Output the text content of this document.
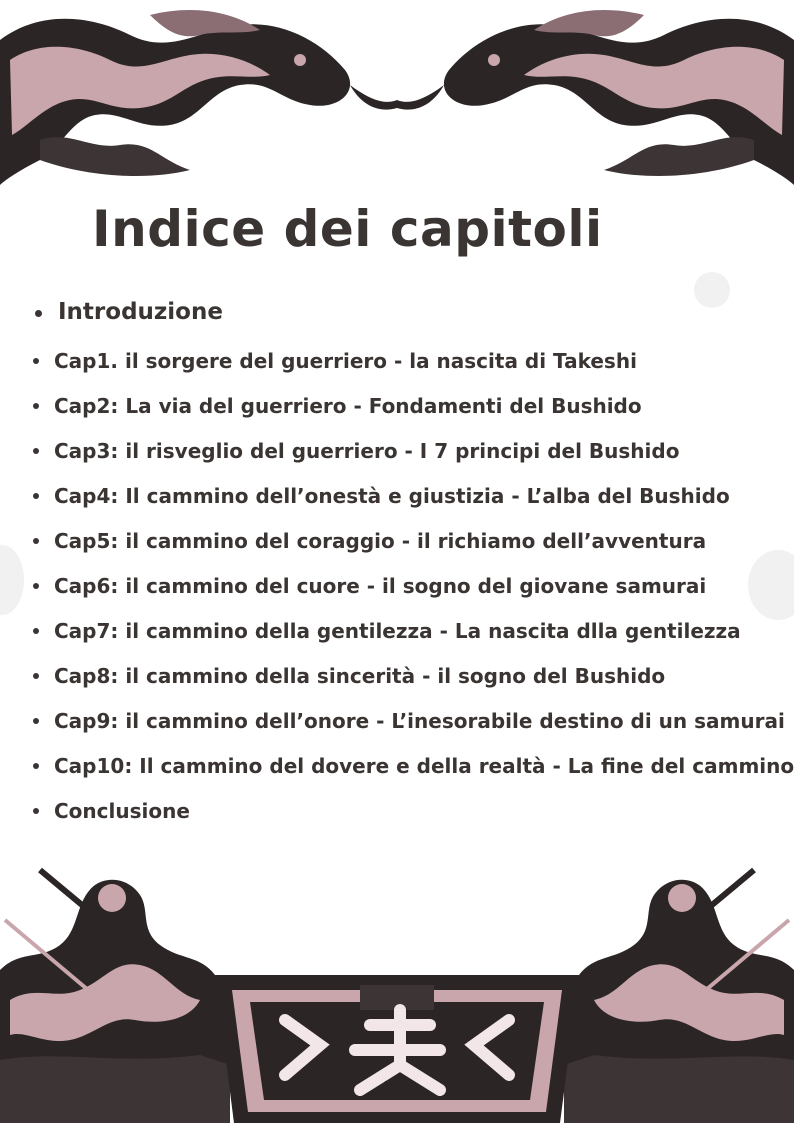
Indice dei capitoli
Introduzione
Cap1. il sorgere del guerriero - la nascita di Takeshi
Cap2: La via del guerriero - Fondamenti del Bushido
Cap3: il risveglio del guerriero - I 7 principi del Bushido
Cap4: Il cammino dell’onestà e giustizia - L’alba del Bushido
Cap5: il cammino del coraggio - il richiamo dell’avventura
Cap6: il cammino del cuore - il sogno del giovane samurai
Cap7: il cammino della gentilezza - La nascita dlla gentilezza
Cap8: il cammino della sincerità - il sogno del Bushido
Cap9: il cammino dell’onore - L’inesorabile destino di un samurai
Cap10: Il cammino del dovere e della realtà - La fine del cammino
Conclusione
